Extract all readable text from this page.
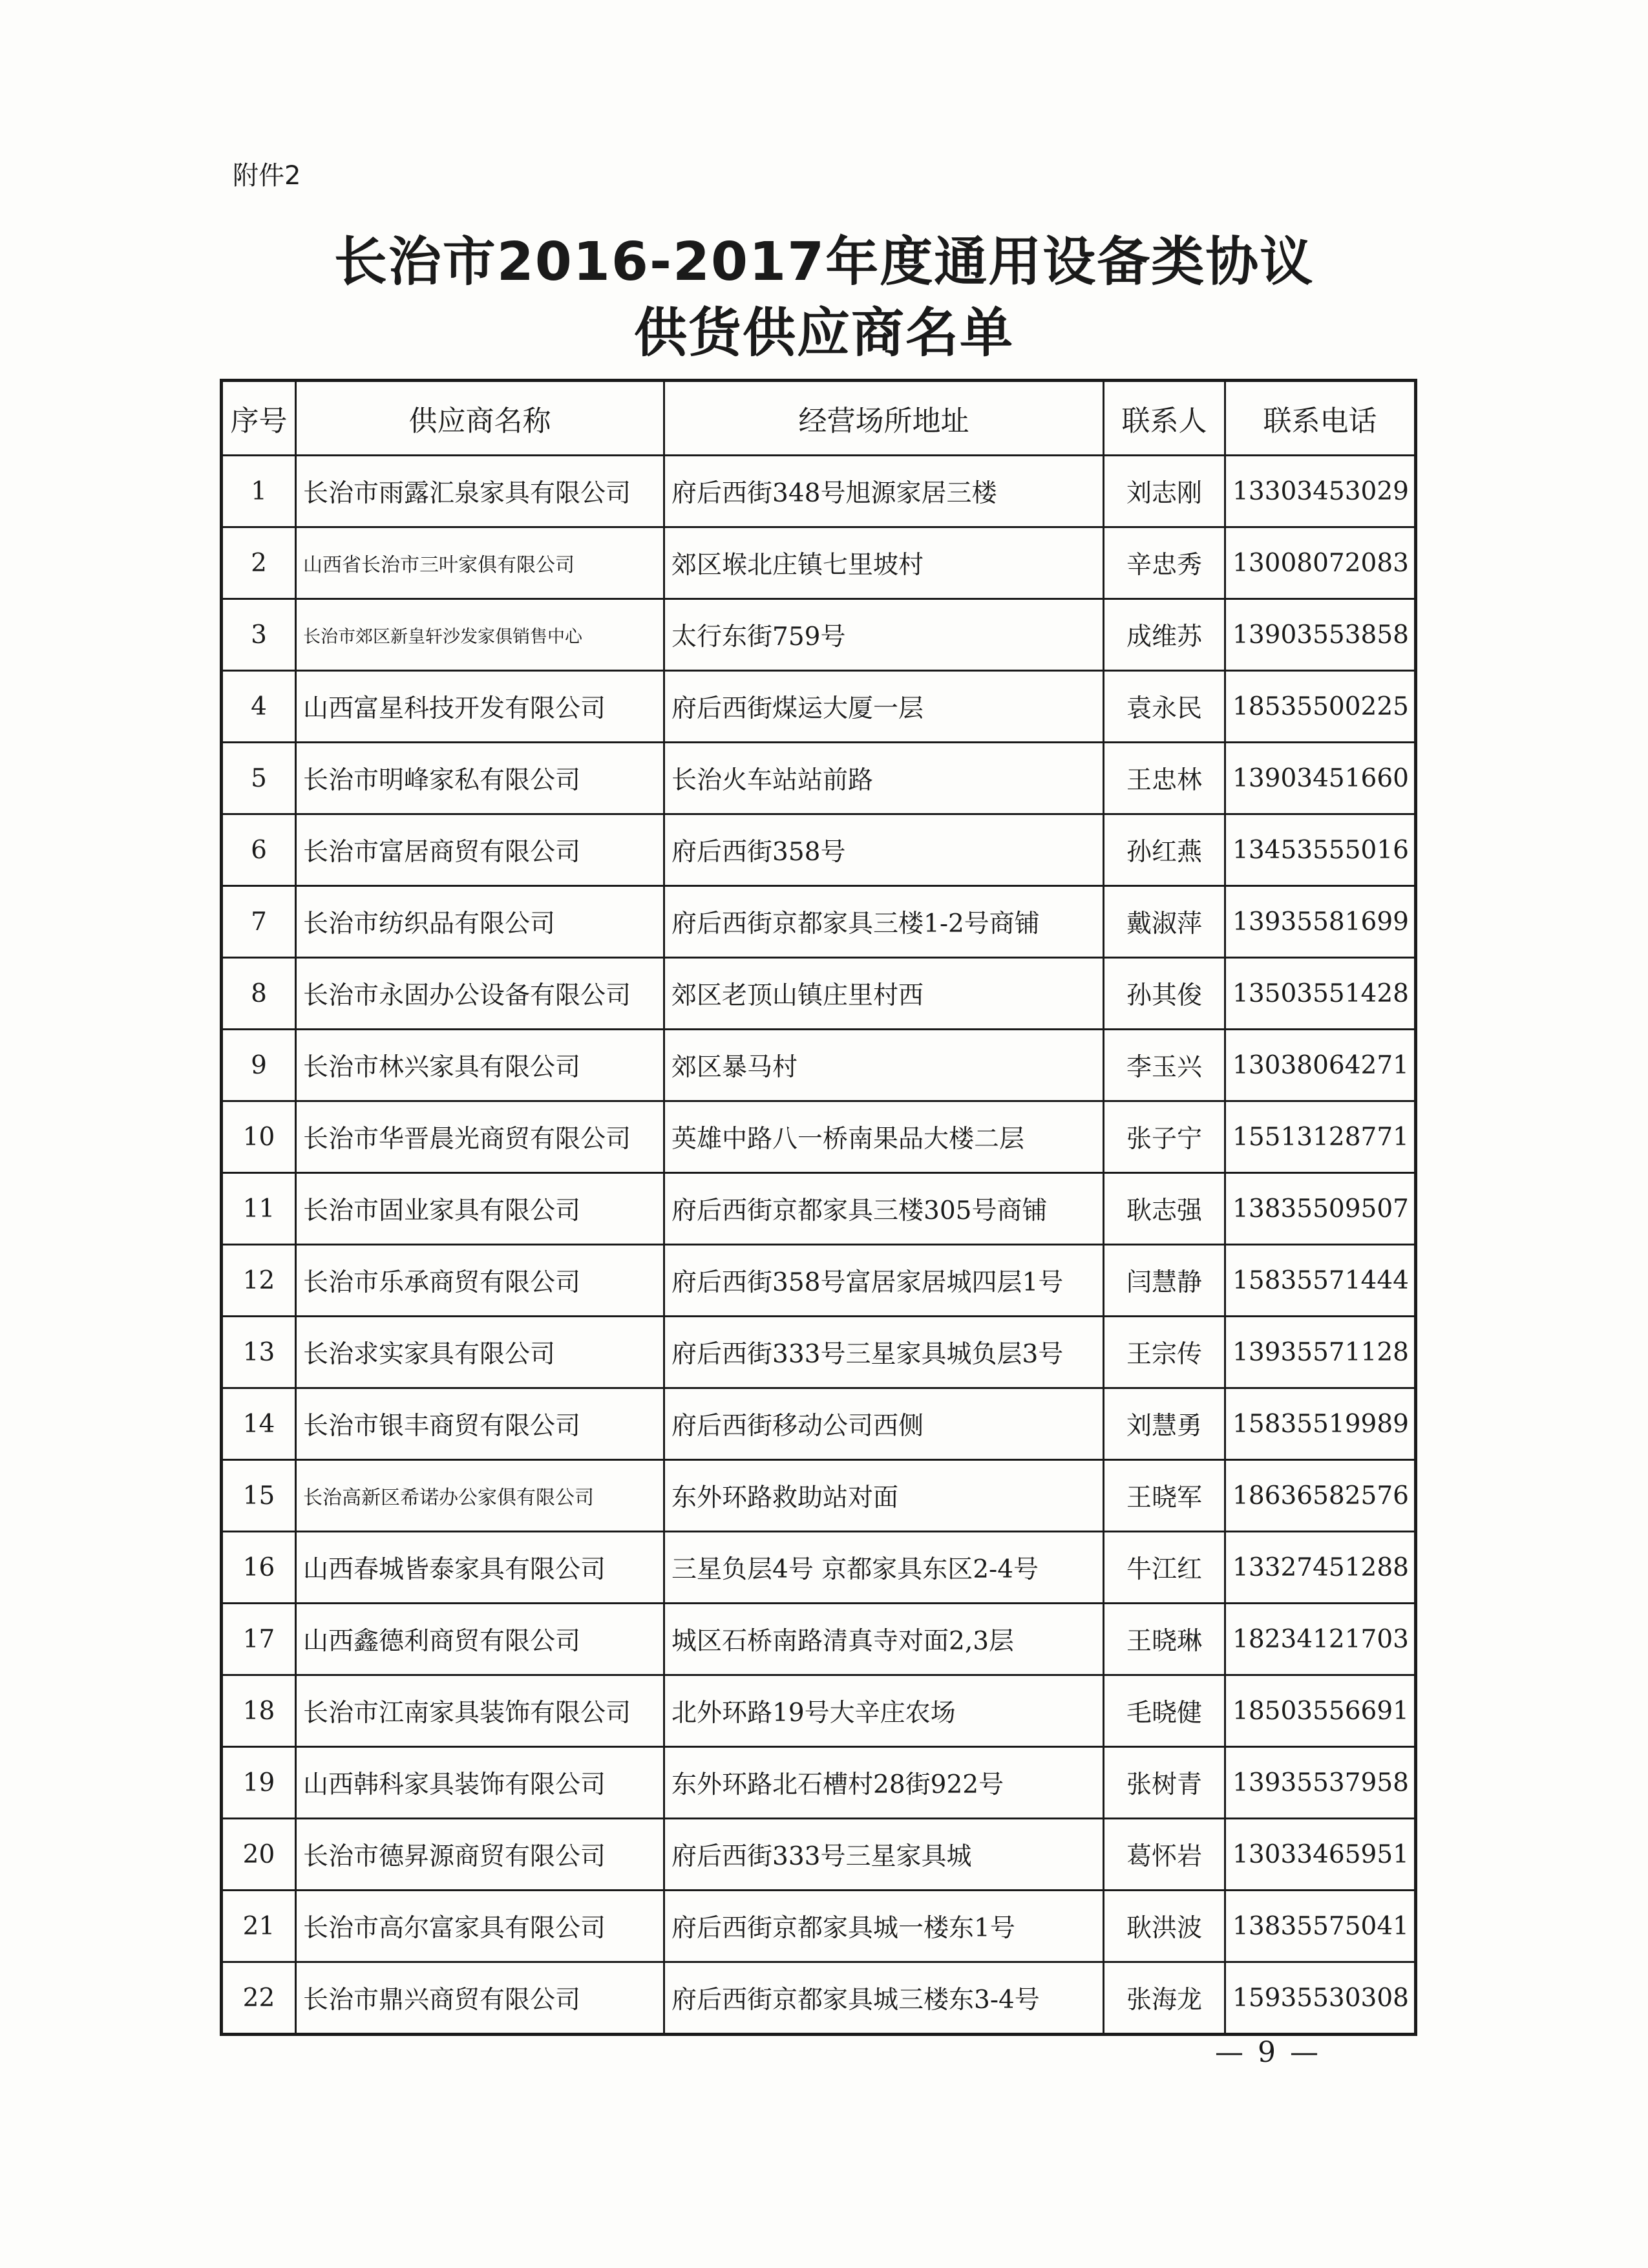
附件2
长治市2016-2017年度通用设备类协议
供货供应商名单
序号	供应商名称	经营场所地址	联系人	联系电话
1	长治市雨露汇泉家具有限公司	府后西街348号旭源家居三楼	刘志刚	13303453029
2	山西省长治市三叶家俱有限公司	郊区堠北庄镇七里坡村	辛忠秀	13008072083
3	长治市郊区新皇轩沙发家俱销售中心	太行东街759号	成维苏	13903553858
4	山西富星科技开发有限公司	府后西街煤运大厦一层	袁永民	18535500225
5	长治市明峰家私有限公司	长治火车站站前路	王忠林	13903451660
6	长治市富居商贸有限公司	府后西街358号	孙红燕	13453555016
7	长治市纺织品有限公司	府后西街京都家具三楼1-2号商铺	戴淑萍	13935581699
8	长治市永固办公设备有限公司	郊区老顶山镇庄里村西	孙其俊	13503551428
9	长治市林兴家具有限公司	郊区暴马村	李玉兴	13038064271
10	长治市华晋晨光商贸有限公司	英雄中路八一桥南果品大楼二层	张子宁	15513128771
11	长治市固业家具有限公司	府后西街京都家具三楼305号商铺	耿志强	13835509507
12	长治市乐承商贸有限公司	府后西街358号富居家居城四层1号	闫慧静	15835571444
13	长治求实家具有限公司	府后西街333号三星家具城负层3号	王宗传	13935571128
14	长治市银丰商贸有限公司	府后西街移动公司西侧	刘慧勇	15835519989
15	长治高新区希诺办公家俱有限公司	东外环路救助站对面	王晓军	18636582576
16	山西春城皆泰家具有限公司	三星负层4号 京都家具东区2-4号	牛江红	13327451288
17	山西鑫德利商贸有限公司	城区石桥南路清真寺对面2,3层	王晓琳	18234121703
18	长治市江南家具装饰有限公司	北外环路19号大辛庄农场	毛晓健	18503556691
19	山西韩科家具装饰有限公司	东外环路北石槽村28街922号	张树青	13935537958
20	长治市德昇源商贸有限公司	府后西街333号三星家具城	葛怀岩	13033465951
21	长治市高尔富家具有限公司	府后西街京都家具城一楼东1号	耿洪波	13835575041
22	长治市鼎兴商贸有限公司	府后西街京都家具城三楼东3-4号	张海龙	15935530308
— 9 —
